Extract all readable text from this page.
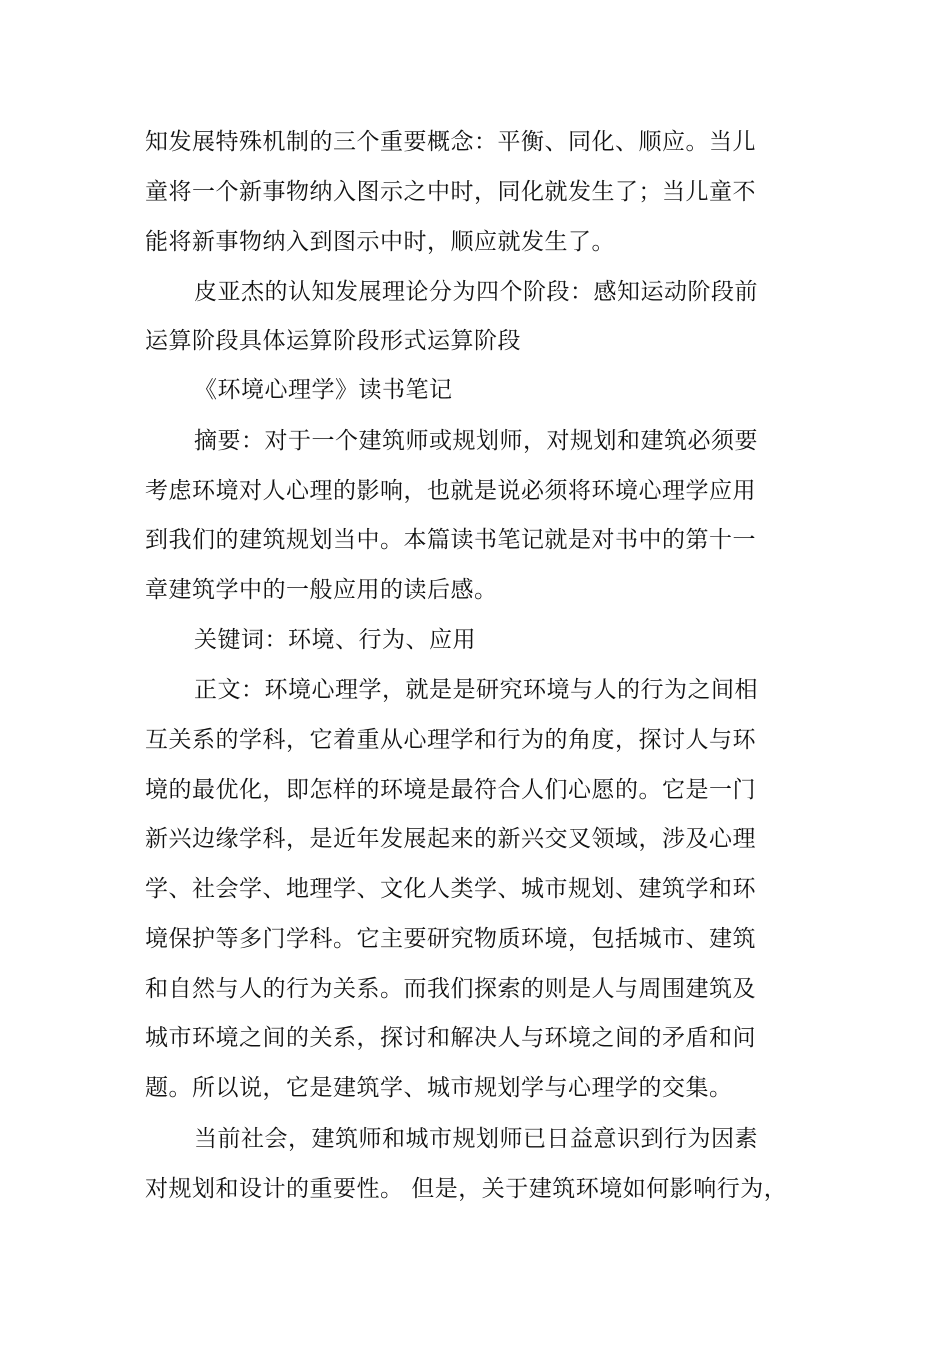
知发展特殊机制的三个重要概念：平衡、同化、顺应。当儿
童将一个新事物纳入图示之中时，同化就发生了；当儿童不
能将新事物纳入到图示中时，顺应就发生了。
皮亚杰的认知发展理论分为四个阶段：感知运动阶段前
运算阶段具体运算阶段形式运算阶段
《环境心理学》读书笔记
摘要：对于一个建筑师或规划师，对规划和建筑必须要
考虑环境对人心理的影响，也就是说必须将环境心理学应用
到我们的建筑规划当中。本篇读书笔记就是对书中的第十一
章建筑学中的一般应用的读后感。
关键词：环境、行为、应用
正文：环境心理学，就是是研究环境与人的行为之间相
互关系的学科，它着重从心理学和行为的角度，探讨人与环
境的最优化，即怎样的环境是最符合人们心愿的。它是一门
新兴边缘学科，是近年发展起来的新兴交叉领域，涉及心理
学、社会学、地理学、文化人类学、城市规划、建筑学和环
境保护等多门学科。它主要研究物质环境，包括城市、建筑
和自然与人的行为关系。而我们探索的则是人与周围建筑及
城市环境之间的关系，探讨和解决人与环境之间的矛盾和问
题。所以说，它是建筑学、城市规划学与心理学的交集。
当前社会，建筑师和城市规划师已日益意识到行为因素
对规划和设计的重要性。 但是，关于建筑环境如何影响行为，
